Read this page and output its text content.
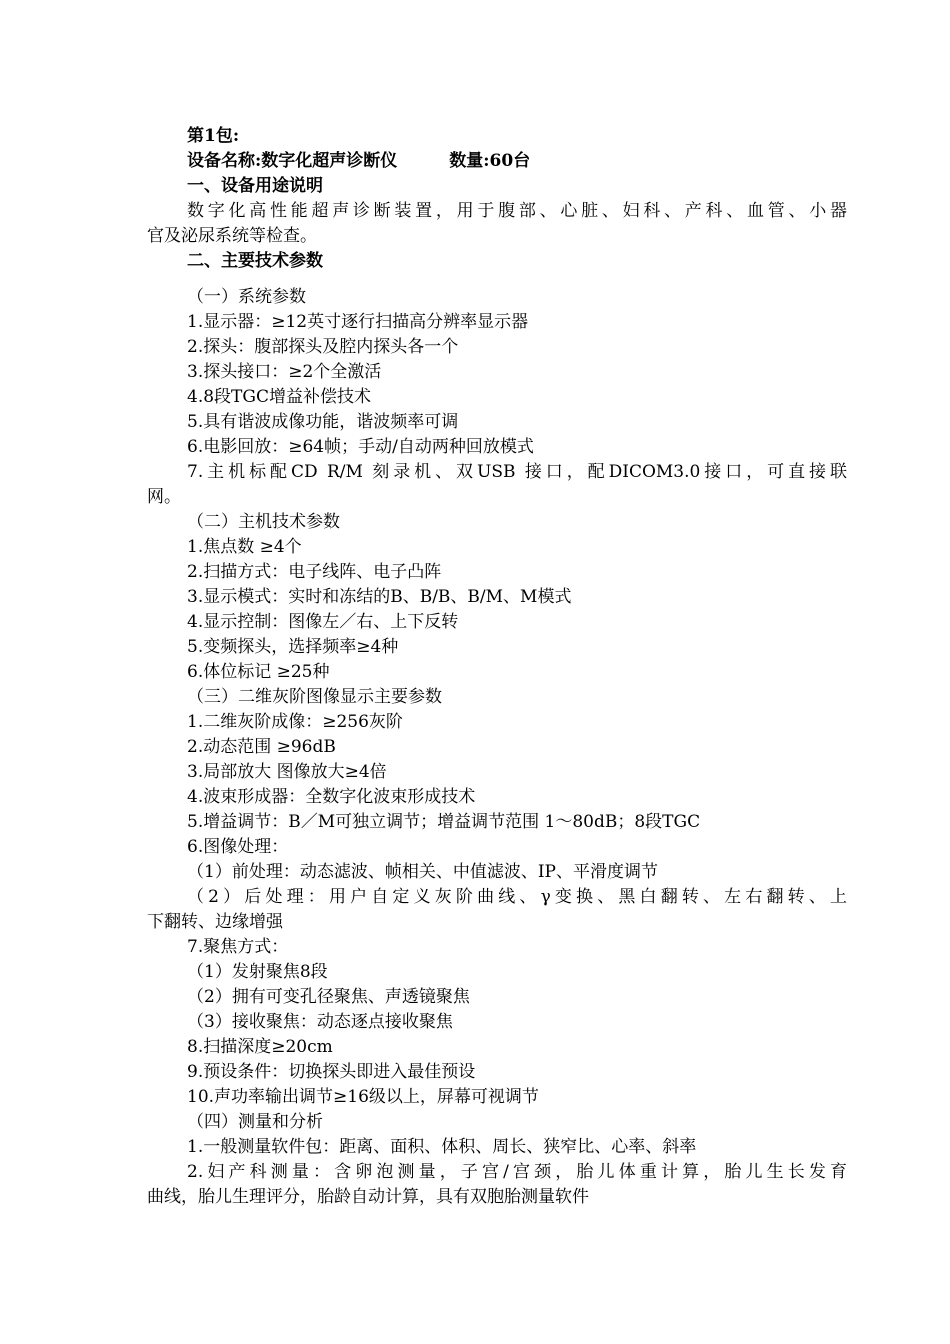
第1包:
设备名称:数字化超声诊断仪	数量:60台
一、设备用途说明
数字化高性能超声诊断装置，用于腹部、心脏、妇科、产科、血管、小器
官及泌尿系统等检查。
二、主要技术参数
（一）系统参数
1.显示器：≥12英寸逐行扫描高分辨率显示器
2.探头：腹部探头及腔内探头各一个
3.探头接口：≥2个全激活
4.8段TGC增益补偿技术
5.具有谐波成像功能，谐波频率可调
6.电影回放：≥64帧；手动/自动两种回放模式
7.主机标配CD R/M 刻录机、双USB 接口，配DICOM3.0接口，可直接联
网。
（二）主机技术参数
1.焦点数 ≥4个
2.扫描方式：电子线阵、电子凸阵
3.显示模式：实时和冻结的B、B/B、B/M、M模式
4.显示控制：图像左／右、上下反转
5.变频探头，选择频率≥4种
6.体位标记 ≥25种
（三）二维灰阶图像显示主要参数
1.二维灰阶成像：≥256灰阶
2.动态范围 ≥96dB
3.局部放大 图像放大≥4倍
4.波束形成器：全数字化波束形成技术
5.增益调节：B／M可独立调节；增益调节范围 1～80dB；8段TGC
6.图像处理：
（1）前处理：动态滤波、帧相关、中值滤波、IP、平滑度调节
（2）后处理：用户自定义灰阶曲线、γ变换、黑白翻转、左右翻转、上
下翻转、边缘增强
7.聚焦方式：
（1）发射聚焦8段
（2）拥有可变孔径聚焦、声透镜聚焦
（3）接收聚焦：动态逐点接收聚焦
8.扫描深度≥20cm
9.预设条件：切换探头即进入最佳预设
10.声功率输出调节≥16级以上，屏幕可视调节
（四）测量和分析
1.一般测量软件包：距离、面积、体积、周长、狭窄比、心率、斜率
2.妇产科测量：含卵泡测量，子宫/宫颈，胎儿体重计算，胎儿生长发育
曲线，胎儿生理评分，胎龄自动计算，具有双胞胎测量软件
